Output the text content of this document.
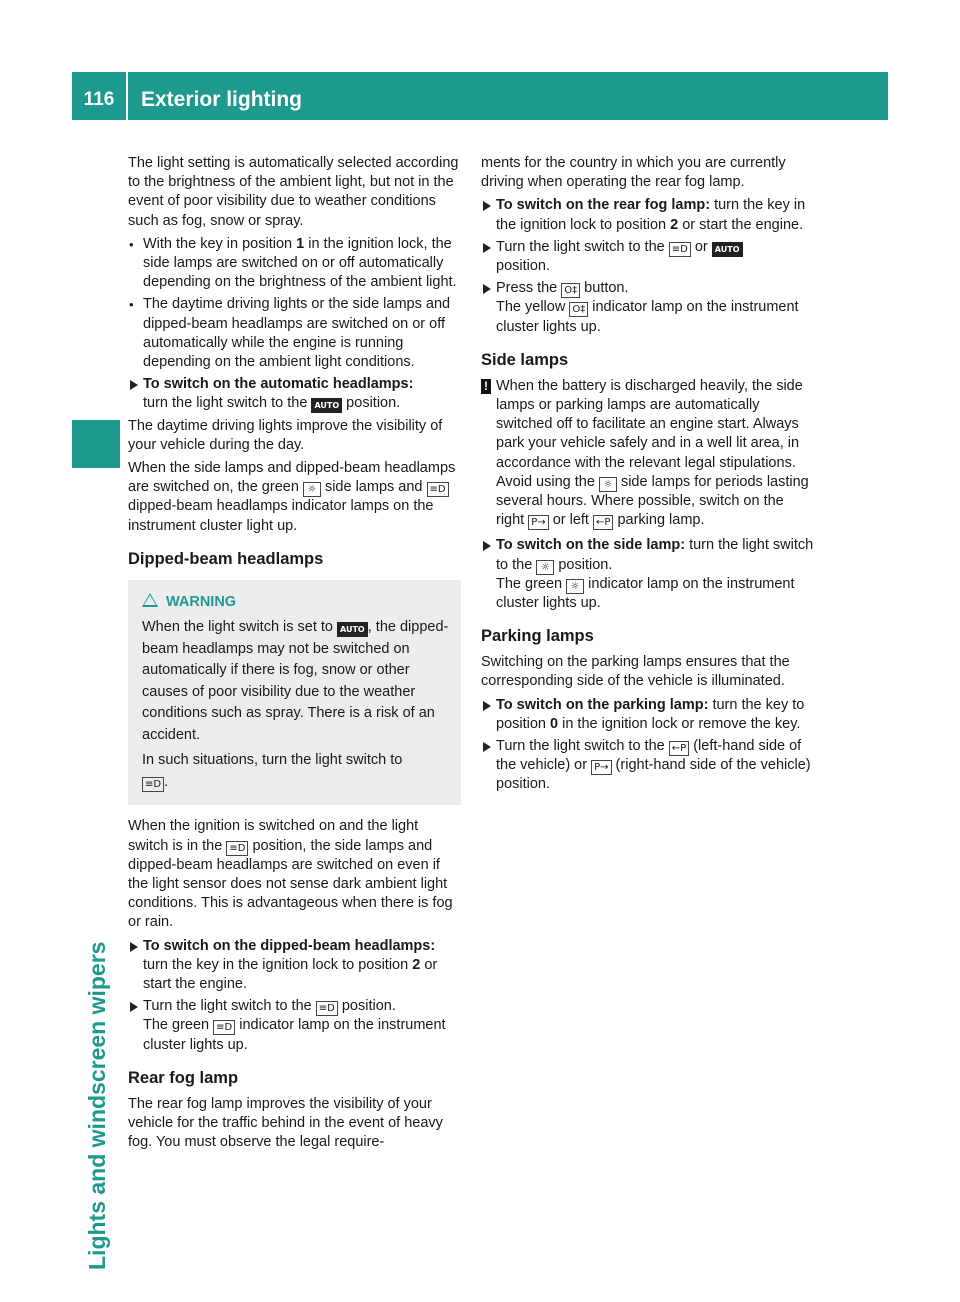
116	Exterior lighting
Lights and windscreen wipers

The light setting is automatically selected according to the brightness of the ambient light, but not in the event of poor visibility due to weather conditions such as fog, snow or spray.

• With the key in position 1 in the ignition lock, the side lamps are switched on or off automatically depending on the brightness of the ambient light.
• The daytime driving lights or the side lamps and dipped-beam headlamps are switched on or off automatically while the engine is running depending on the ambient light conditions.
To switch on the automatic headlamps:
turn the light switch to the AUTO position.

The daytime driving lights improve the visibility of your vehicle during the day.

When the side lamps and dipped-beam headlamps are switched on, the green ☼ side lamps and ≡D dipped-beam headlamps indicator lamps on the instrument cluster light up.

Dipped-beam headlamps
WARNING

When the light switch is set to AUTO , the dipped-beam headlamps may not be switched on automatically if there is fog, snow or other causes of poor visibility due to the weather conditions such as spray. There is a risk of an accident.

In such situations, turn the light switch to
≡D .

When the ignition is switched on and the light switch is in the ≡D position, the side lamps and dipped-beam headlamps are switched on even if the light sensor does not sense dark ambient light conditions. This is advantageous when there is fog or rain.

To switch on the dipped-beam headlamps:
turn the key in the ignition lock to position 2 or start the engine.
Turn the light switch to the ≡D position.
The green ≡D indicator lamp on the instrument cluster lights up.
Rear fog lamp

The rear fog lamp improves the visibility of your vehicle for the traffic behind in the event of heavy fog. You must observe the legal require-

ments for the country in which you are currently driving when operating the rear fog lamp.

To switch on the rear fog lamp: turn the key in the ignition lock to position 2 or start the engine.
Turn the light switch to the ≡D or AUTO
position.
Press the O‡ button.
The yellow O‡ indicator lamp on the instrument cluster lights up.
Side lamps
! When the battery is discharged heavily, the side lamps or parking lamps are automatically switched off to facilitate an engine start. Always park your vehicle safely and in a well lit area, in accordance with the relevant legal stipulations. Avoid using the ☼ side lamps for periods lasting several hours. Where possible, switch on the right P→ or left ←P parking lamp.
To switch on the side lamp: turn the light switch to the ☼ position.
The green ☼ indicator lamp on the instrument cluster lights up.
Parking lamps

Switching on the parking lamps ensures that the corresponding side of the vehicle is illuminated.

To switch on the parking lamp: turn the key to position 0 in the ignition lock or remove the key.
Turn the light switch to the ←P (left-hand side of the vehicle) or P→ (right-hand side of the vehicle) position.
